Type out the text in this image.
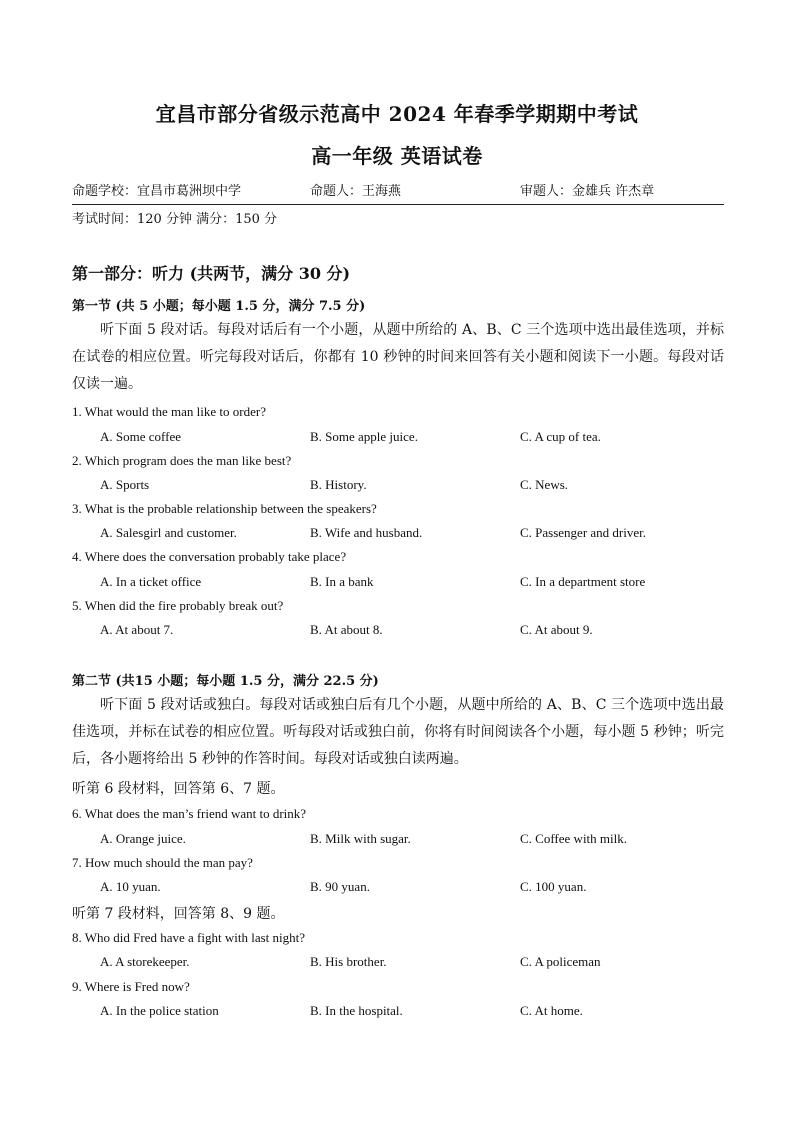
宜昌市部分省级示范高中 2024 年春季学期期中考试
高一年级 英语试卷
命题学校：宜昌市葛洲坝中学	命题人：王海燕	审题人：金雄兵 许杰章
考试时间：120 分钟 满分：150 分
第一部分：听力 (共两节，满分 30 分)
第一节 (共 5 小题；每小题 1.5 分，满分 7.5 分)
听下面 5 段对话。每段对话后有一个小题，从题中所给的 A、B、C 三个选项中选出最佳选项，并标在试卷的相应位置。听完每段对话后，你都有 10 秒钟的时间来回答有关小题和阅读下一小题。每段对话仅读一遍。
1. What would the man like to order?
A. Some coffee	B. Some apple juice.	C. A cup of tea.
2. Which program does the man like best?
A. Sports	B. History.	C. News.
3. What is the probable relationship between the speakers?
A. Salesgirl and customer.	B. Wife and husband.	C. Passenger and driver.
4. Where does the conversation probably take place?
A. In a ticket office	B. In a bank	C. In a department store
5. When did the fire probably break out?
A. At about 7.	B. At about 8.	C. At about 9.
第二节 (共15 小题；每小题 1.5 分，满分 22.5 分)
听下面 5 段对话或独白。每段对话或独白后有几个小题，从题中所给的 A、B、C 三个选项中选出最佳选项，并标在试卷的相应位置。听每段对话或独白前，你将有时间阅读各个小题，每小题 5 秒钟；听完后，各小题将给出 5 秒钟的作答时间。每段对话或独白读两遍。
听第 6 段材料，回答第 6、7 题。
6. What does the man’s friend want to drink?
A. Orange juice.	B. Milk with sugar.	C. Coffee with milk.
7. How much should the man pay?
A. 10 yuan.	B. 90 yuan.	C. 100 yuan.
听第 7 段材料，回答第 8、9 题。
8. Who did Fred have a fight with last night?
A. A storekeeper.	B. His brother.	C. A policeman
9. Where is Fred now?
A. In the police station	B. In the hospital.	C. At home.
